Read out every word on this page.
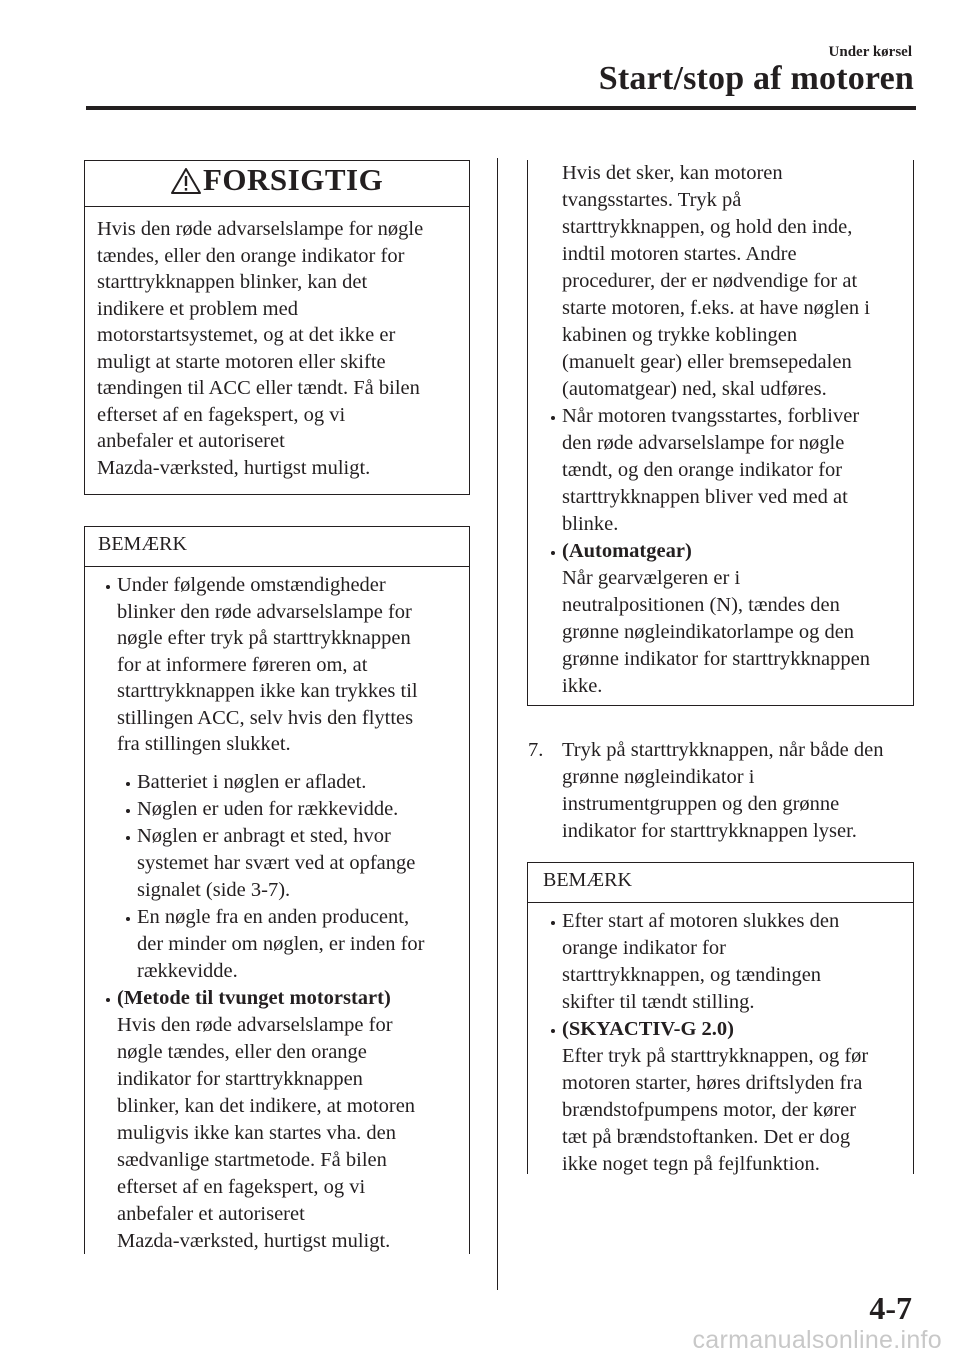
Under kørsel
Start/stop af motoren
FORSIGTIG
Hvis den røde advarselslampe for nøgle
tændes, eller den orange indikator for
starttrykknappen blinker, kan det
indikere et problem med
motorstartsystemet, og at det ikke er
muligt at starte motoren eller skifte
tændingen til ACC eller tændt. Få bilen
efterset af en fagekspert, og vi
anbefaler et autoriseret
Mazda-værksted, hurtigst muligt.
BEMÆRK
Under følgende omstændigheder
blinker den røde advarselslampe for
nøgle efter tryk på starttrykknappen
for at informere føreren om, at
starttrykknappen ikke kan trykkes til
stillingen ACC, selv hvis den flyttes
fra stillingen slukket.
Batteriet i nøglen er afladet.
Nøglen er uden for rækkevidde.
Nøglen er anbragt et sted, hvor
systemet har svært ved at opfange
signalet (side 3-7).
En nøgle fra en anden producent,
der minder om nøglen, er inden for
rækkevidde.
(Metode til tvunget motorstart)
Hvis den røde advarselslampe for
nøgle tændes, eller den orange
indikator for starttrykknappen
blinker, kan det indikere, at motoren
muligvis ikke kan startes vha. den
sædvanlige startmetode. Få bilen
efterset af en fagekspert, og vi
anbefaler et autoriseret
Mazda-værksted, hurtigst muligt.
Hvis det sker, kan motoren
tvangsstartes. Tryk på
starttrykknappen, og hold den inde,
indtil motoren startes. Andre
procedurer, der er nødvendige for at
starte motoren, f.eks. at have nøglen i
kabinen og trykke koblingen
(manuelt gear) eller bremsepedalen
(automatgear) ned, skal udføres.
Når motoren tvangsstartes, forbliver
den røde advarselslampe for nøgle
tændt, og den orange indikator for
starttrykknappen bliver ved med at
blinke.
(Automatgear)
Når gearvælgeren er i
neutralpositionen (N), tændes den
grønne nøgleindikatorlampe og den
grønne indikator for starttrykknappen
ikke.
7. Tryk på starttrykknappen, når både den
grønne nøgleindikator i
instrumentgruppen og den grønne
indikator for starttrykknappen lyser.
BEMÆRK
Efter start af motoren slukkes den
orange indikator for
starttrykknappen, og tændingen
skifter til tændt stilling.
(SKYACTIV-G 2.0)
Efter tryk på starttrykknappen, og før
motoren starter, høres driftslyden fra
brændstofpumpens motor, der kører
tæt på brændstoftanken. Det er dog
ikke noget tegn på fejlfunktion.
4-7
carmanualsonline.info
